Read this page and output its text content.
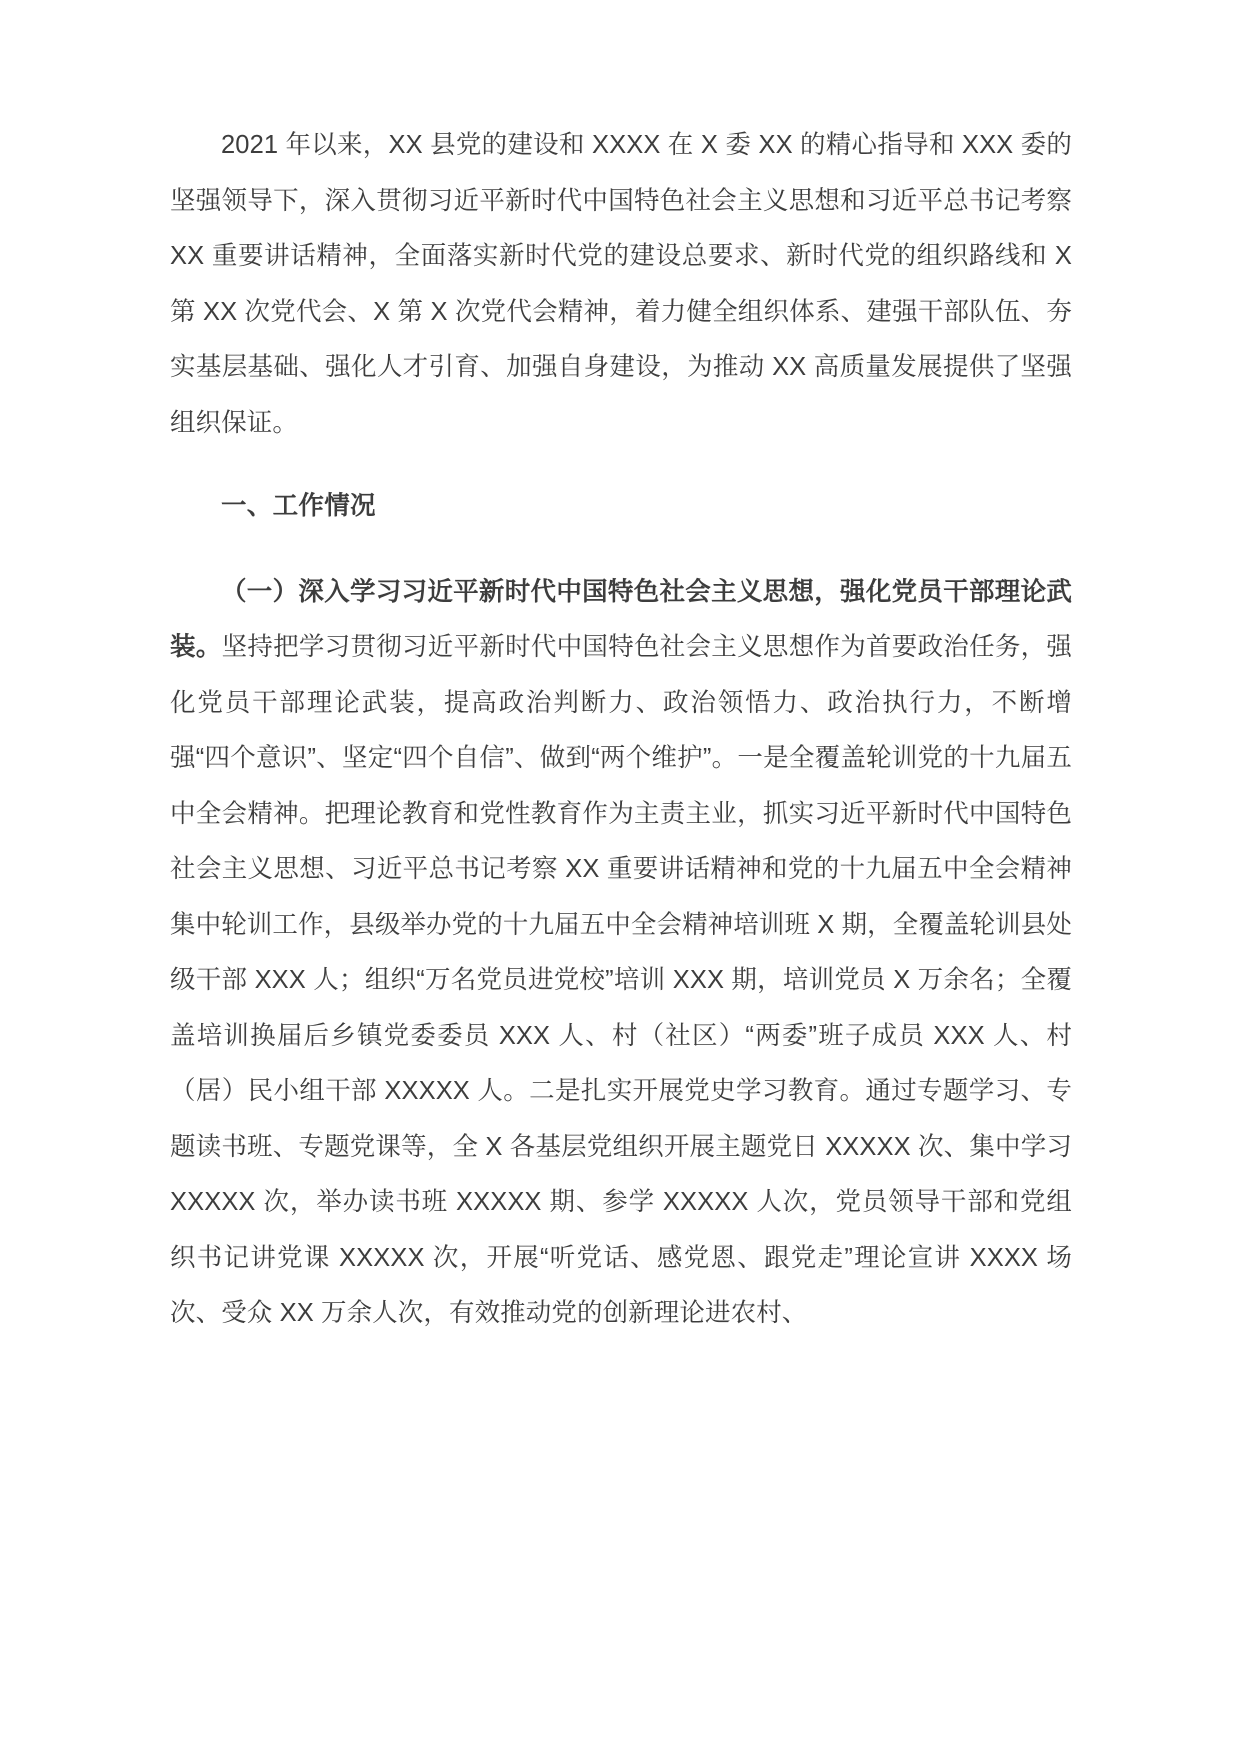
2021 年以来，XX 县党的建设和 XXXX 在 X 委 XX 的精心指导和 XXX 委的坚强领导下，深入贯彻习近平新时代中国特色社会主义思想和习近平总书记考察 XX 重要讲话精神，全面落实新时代党的建设总要求、新时代党的组织路线和 X 第 XX 次党代会、X 第 X 次党代会精神，着力健全组织体系、建强干部队伍、夯实基层基础、强化人才引育、加强自身建设，为推动 XX 高质量发展提供了坚强组织保证。

一、工作情况

（一）深入学习习近平新时代中国特色社会主义思想，强化党员干部理论武装。坚持把学习贯彻习近平新时代中国特色社会主义思想作为首要政治任务，强化党员干部理论武装，提高政治判断力、政治领悟力、政治执行力，不断增强“四个意识”、坚定“四个自信”、做到“两个维护”。一是全覆盖轮训党的十九届五中全会精神。把理论教育和党性教育作为主责主业，抓实习近平新时代中国特色社会主义思想、习近平总书记考察 XX 重要讲话精神和党的十九届五中全会精神集中轮训工作，县级举办党的十九届五中全会精神培训班 X 期，全覆盖轮训县处级干部 XXX 人；组织“万名党员进党校”培训 XXX 期，培训党员 X 万余名；全覆盖培训换届后乡镇党委委员 XXX 人、村（社区）“两委”班子成员 XXX 人、村（居）民小组干部 XXXXX 人。二是扎实开展党史学习教育。通过专题学习、专题读书班、专题党课等，全 X 各基层党组织开展主题党日 XXXXX 次、集中学习 XXXXX 次，举办读书班 XXXXX 期、参学 XXXXX 人次，党员领导干部和党组织书记讲党课 XXXXX 次，开展“听党话、感党恩、跟党走”理论宣讲 XXXX 场次、受众 XX 万余人次，有效推动党的创新理论进农村、
